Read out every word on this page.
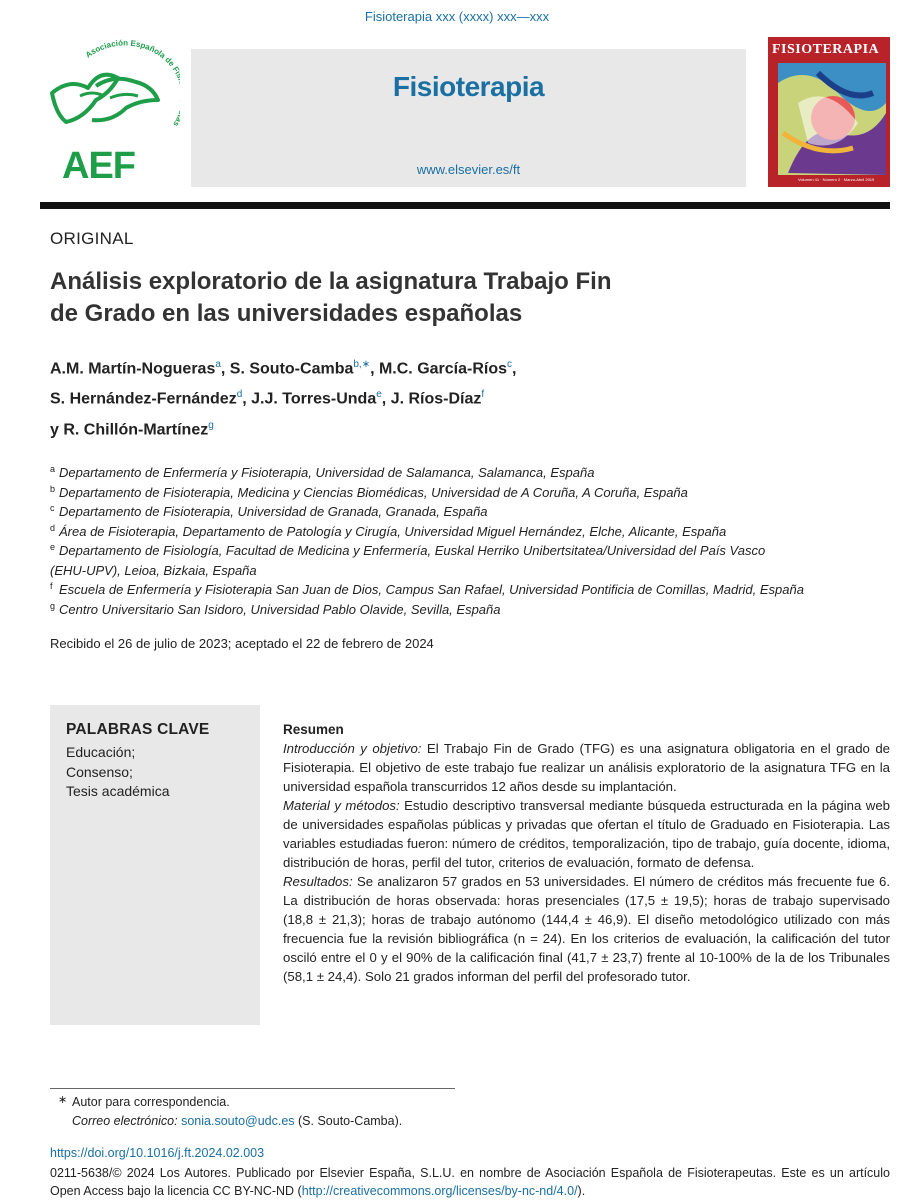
Fisioterapia xxx (xxxx) xxx—xxx
Asociación Española de F
AEF
Fisioterapia
www.elsevier.es/ft
FISIOTERAPIA
Volumen 41 · Número 2 · Marzo-Abril 2019
ORIGINAL
Análisis exploratorio de la asignatura Trabajo Fin
de Grado en las universidades españolas
A.M. Martín-Nogueras$^a$, S. Souto-Camba$^{b,∗}$, M.C. García-Ríos$^c$,
S. Hernández-Fernández$^d$, J.J. Torres-Unda$^e$, J. Ríos-Díaz$^f$
y R. Chillón-Martínez$^g$
a Departamento de Enfermería y Fisioterapia, Universidad de Salamanca, Salamanca, España
b Departamento de Fisioterapia, Medicina y Ciencias Biomédicas, Universidad de A Coruña, A Coruña, España
c Departamento de Fisioterapia, Universidad de Granada, Granada, España
d Área de Fisioterapia, Departamento de Patología y Cirugía, Universidad Miguel Hernández, Elche, Alicante, España
e Departamento de Fisiología, Facultad de Medicina y Enfermería, Euskal Herriko Unibertsitatea/Universidad del País Vasco
(EHU-UPV), Leioa, Bizkaia, España
f Escuela de Enfermería y Fisioterapia San Juan de Dios, Campus San Rafael, Universidad Pontificia de Comillas, Madrid, España
g Centro Universitario San Isidoro, Universidad Pablo Olavide, Sevilla, España
Recibido el 26 de julio de 2023; aceptado el 22 de febrero de 2024
PALABRAS CLAVE
Educación;
Consenso;
Tesis académica
Resumen
Introducción y objetivo: El Trabajo Fin de Grado (TFG) es una asignatura obligatoria en el grado de Fisioterapia. El objetivo de este trabajo fue realizar un análisis exploratorio de la asignatura TFG en la universidad española transcurridos 12 años desde su implantación.
Material y métodos: Estudio descriptivo transversal mediante búsqueda estructurada en la página web de universidades españolas públicas y privadas que ofertan el título de Graduado en Fisioterapia. Las variables estudiadas fueron: número de créditos, temporalización, tipo de trabajo, guía docente, idioma, distribución de horas, perfil del tutor, criterios de evaluación, formato de defensa.
Resultados: Se analizaron 57 grados en 53 universidades. El número de créditos más frecuente fue 6. La distribución de horas observada: horas presenciales (17,5 ± 19,5); horas de trabajo supervisado (18,8 ± 21,3); horas de trabajo autónomo (144,4 ± 46,9). El diseño metodológico utilizado con más frecuencia fue la revisión bibliográfica (n = 24). En los criterios de evaluación, la calificación del tutor osciló entre el 0 y el 90% de la calificación final (41,7 ± 23,7) frente al 10-100% de la de los Tribunales (58,1 ± 24,4). Solo 21 grados informan del perfil del profesorado tutor.
∗ Autor para correspondencia.
Correo electrónico: sonia.souto@udc.es (S. Souto-Camba).
https://doi.org/10.1016/j.ft.2024.02.003
0211-5638/© 2024 Los Autores. Publicado por Elsevier España, S.L.U. en nombre de Asociación Española de Fisioterapeutas. Este es un artículo Open Access bajo la licencia CC BY-NC-ND (http://creativecommons.org/licenses/by-nc-nd/4.0/).
